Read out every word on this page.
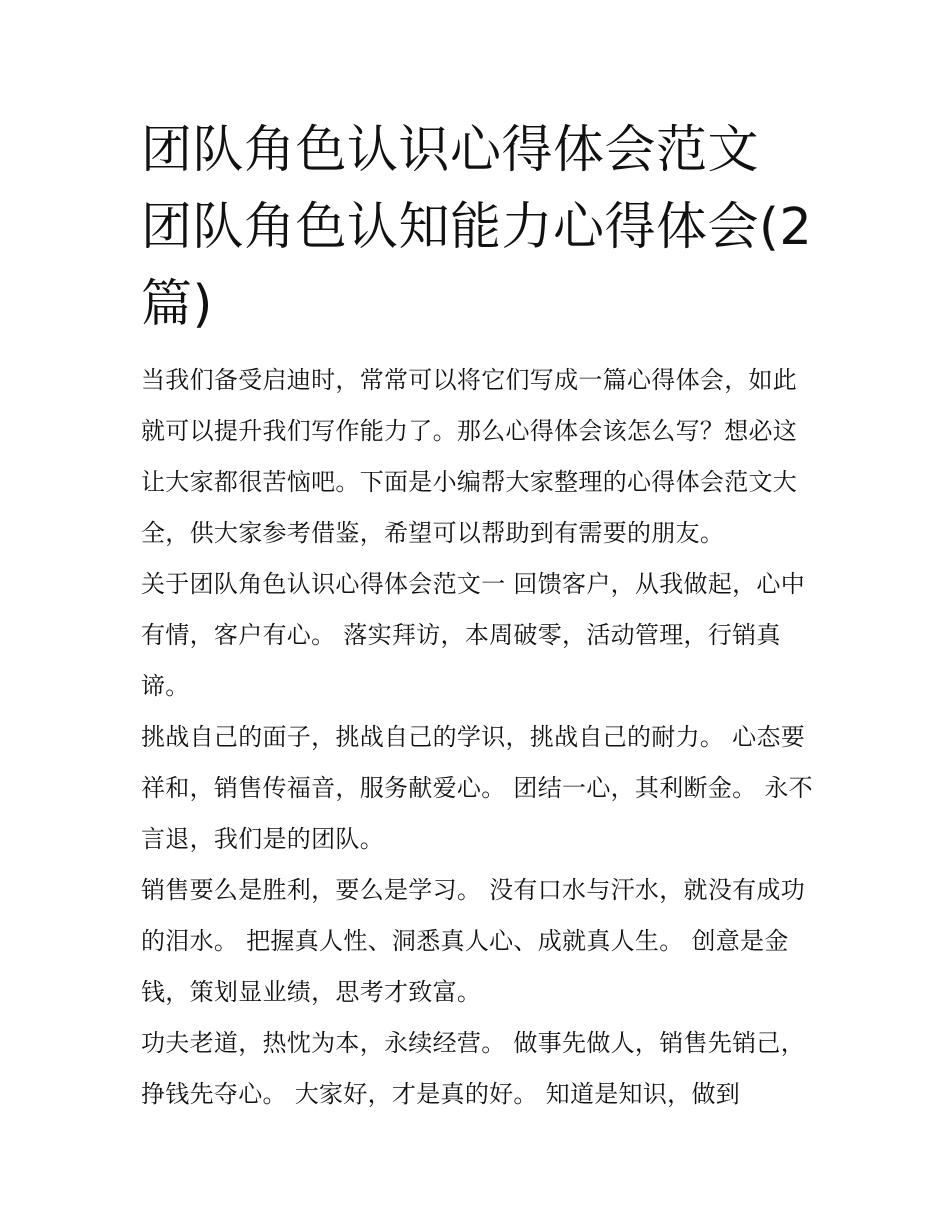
团队角色认识心得体会范文 团队角色认知能力心得体会(2篇)

当我们备受启迪时，常常可以将它们写成一篇心得体会，如此就可以提升我们写作能力了。那么心得体会该怎么写？想必这让大家都很苦恼吧。下面是小编帮大家整理的心得体会范文大全，供大家参考借鉴，希望可以帮助到有需要的朋友。

关于团队角色认识心得体会范文一 回馈客户，从我做起，心中有情，客户有心。 落实拜访，本周破零，活动管理，行销真谛。

挑战自己的面子，挑战自己的学识，挑战自己的耐力。 心态要祥和，销售传福音，服务献爱心。 团结一心，其利断金。 永不言退，我们是的团队。

销售要么是胜利，要么是学习。 没有口水与汗水，就没有成功的泪水。 把握真人性、洞悉真人心、成就真人生。 创意是金钱，策划显业绩，思考才致富。

功夫老道，热忱为本，永续经营。 做事先做人，销售先销己，挣钱先夺心。 大家好，才是真的好。 知道是知识，做到
